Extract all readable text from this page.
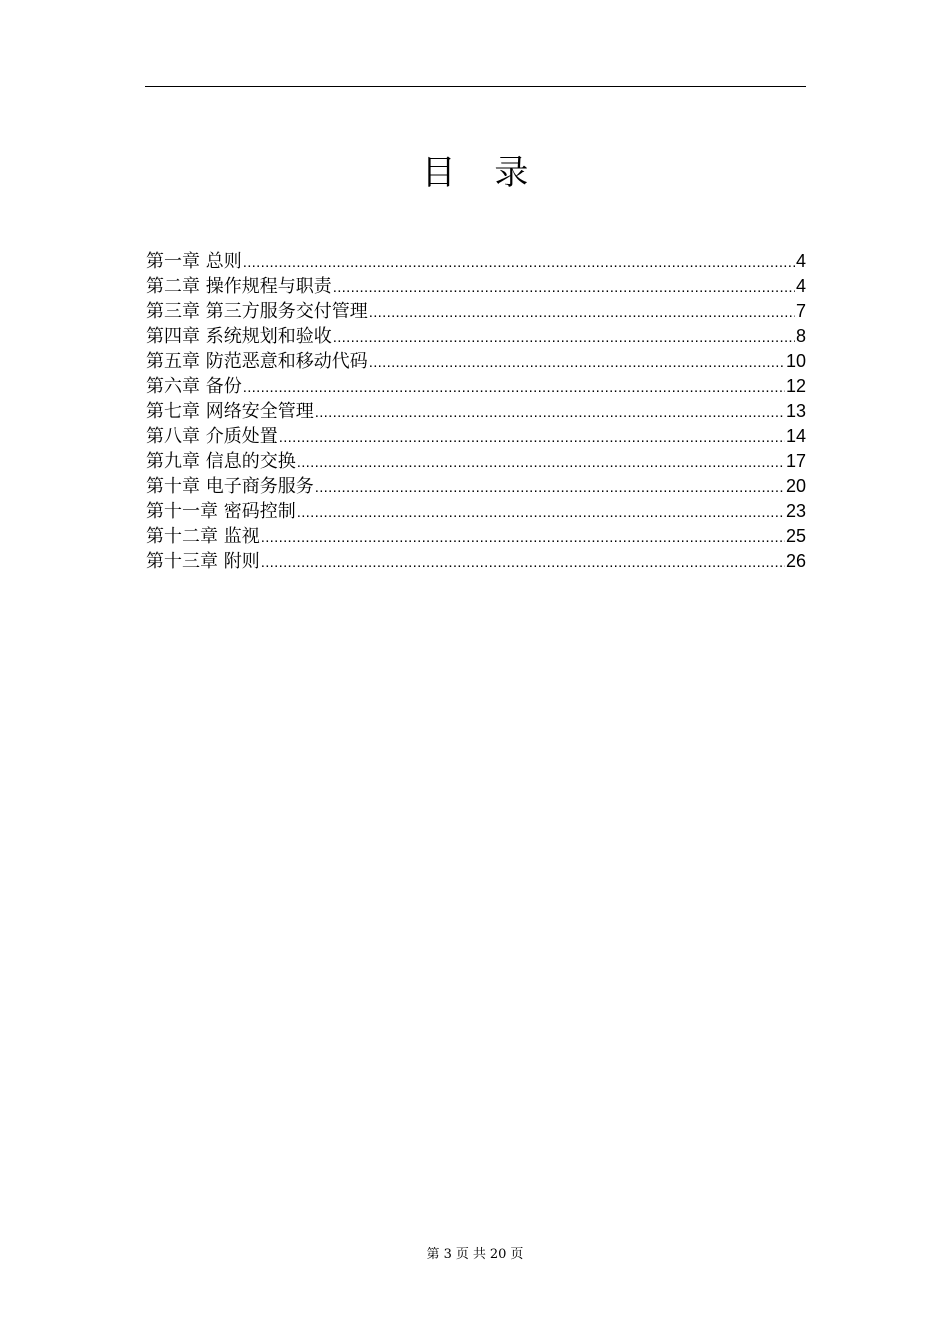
目 录
第一章 总则 .....	4
第二章 操作规程与职责 .....	4
第三章 第三方服务交付管理 .....	7
第四章 系统规划和验收 .....	8
第五章 防范恶意和移动代码 .....	10
第六章 备份 .....	12
第七章 网络安全管理 .....	13
第八章 介质处置 .....	14
第九章 信息的交换 .....	17
第十章 电子商务服务 .....	20
第十一章 密码控制 .....	23
第十二章 监视 .....	25
第十三章 附则 .....	26
第 3 页 共 20 页
